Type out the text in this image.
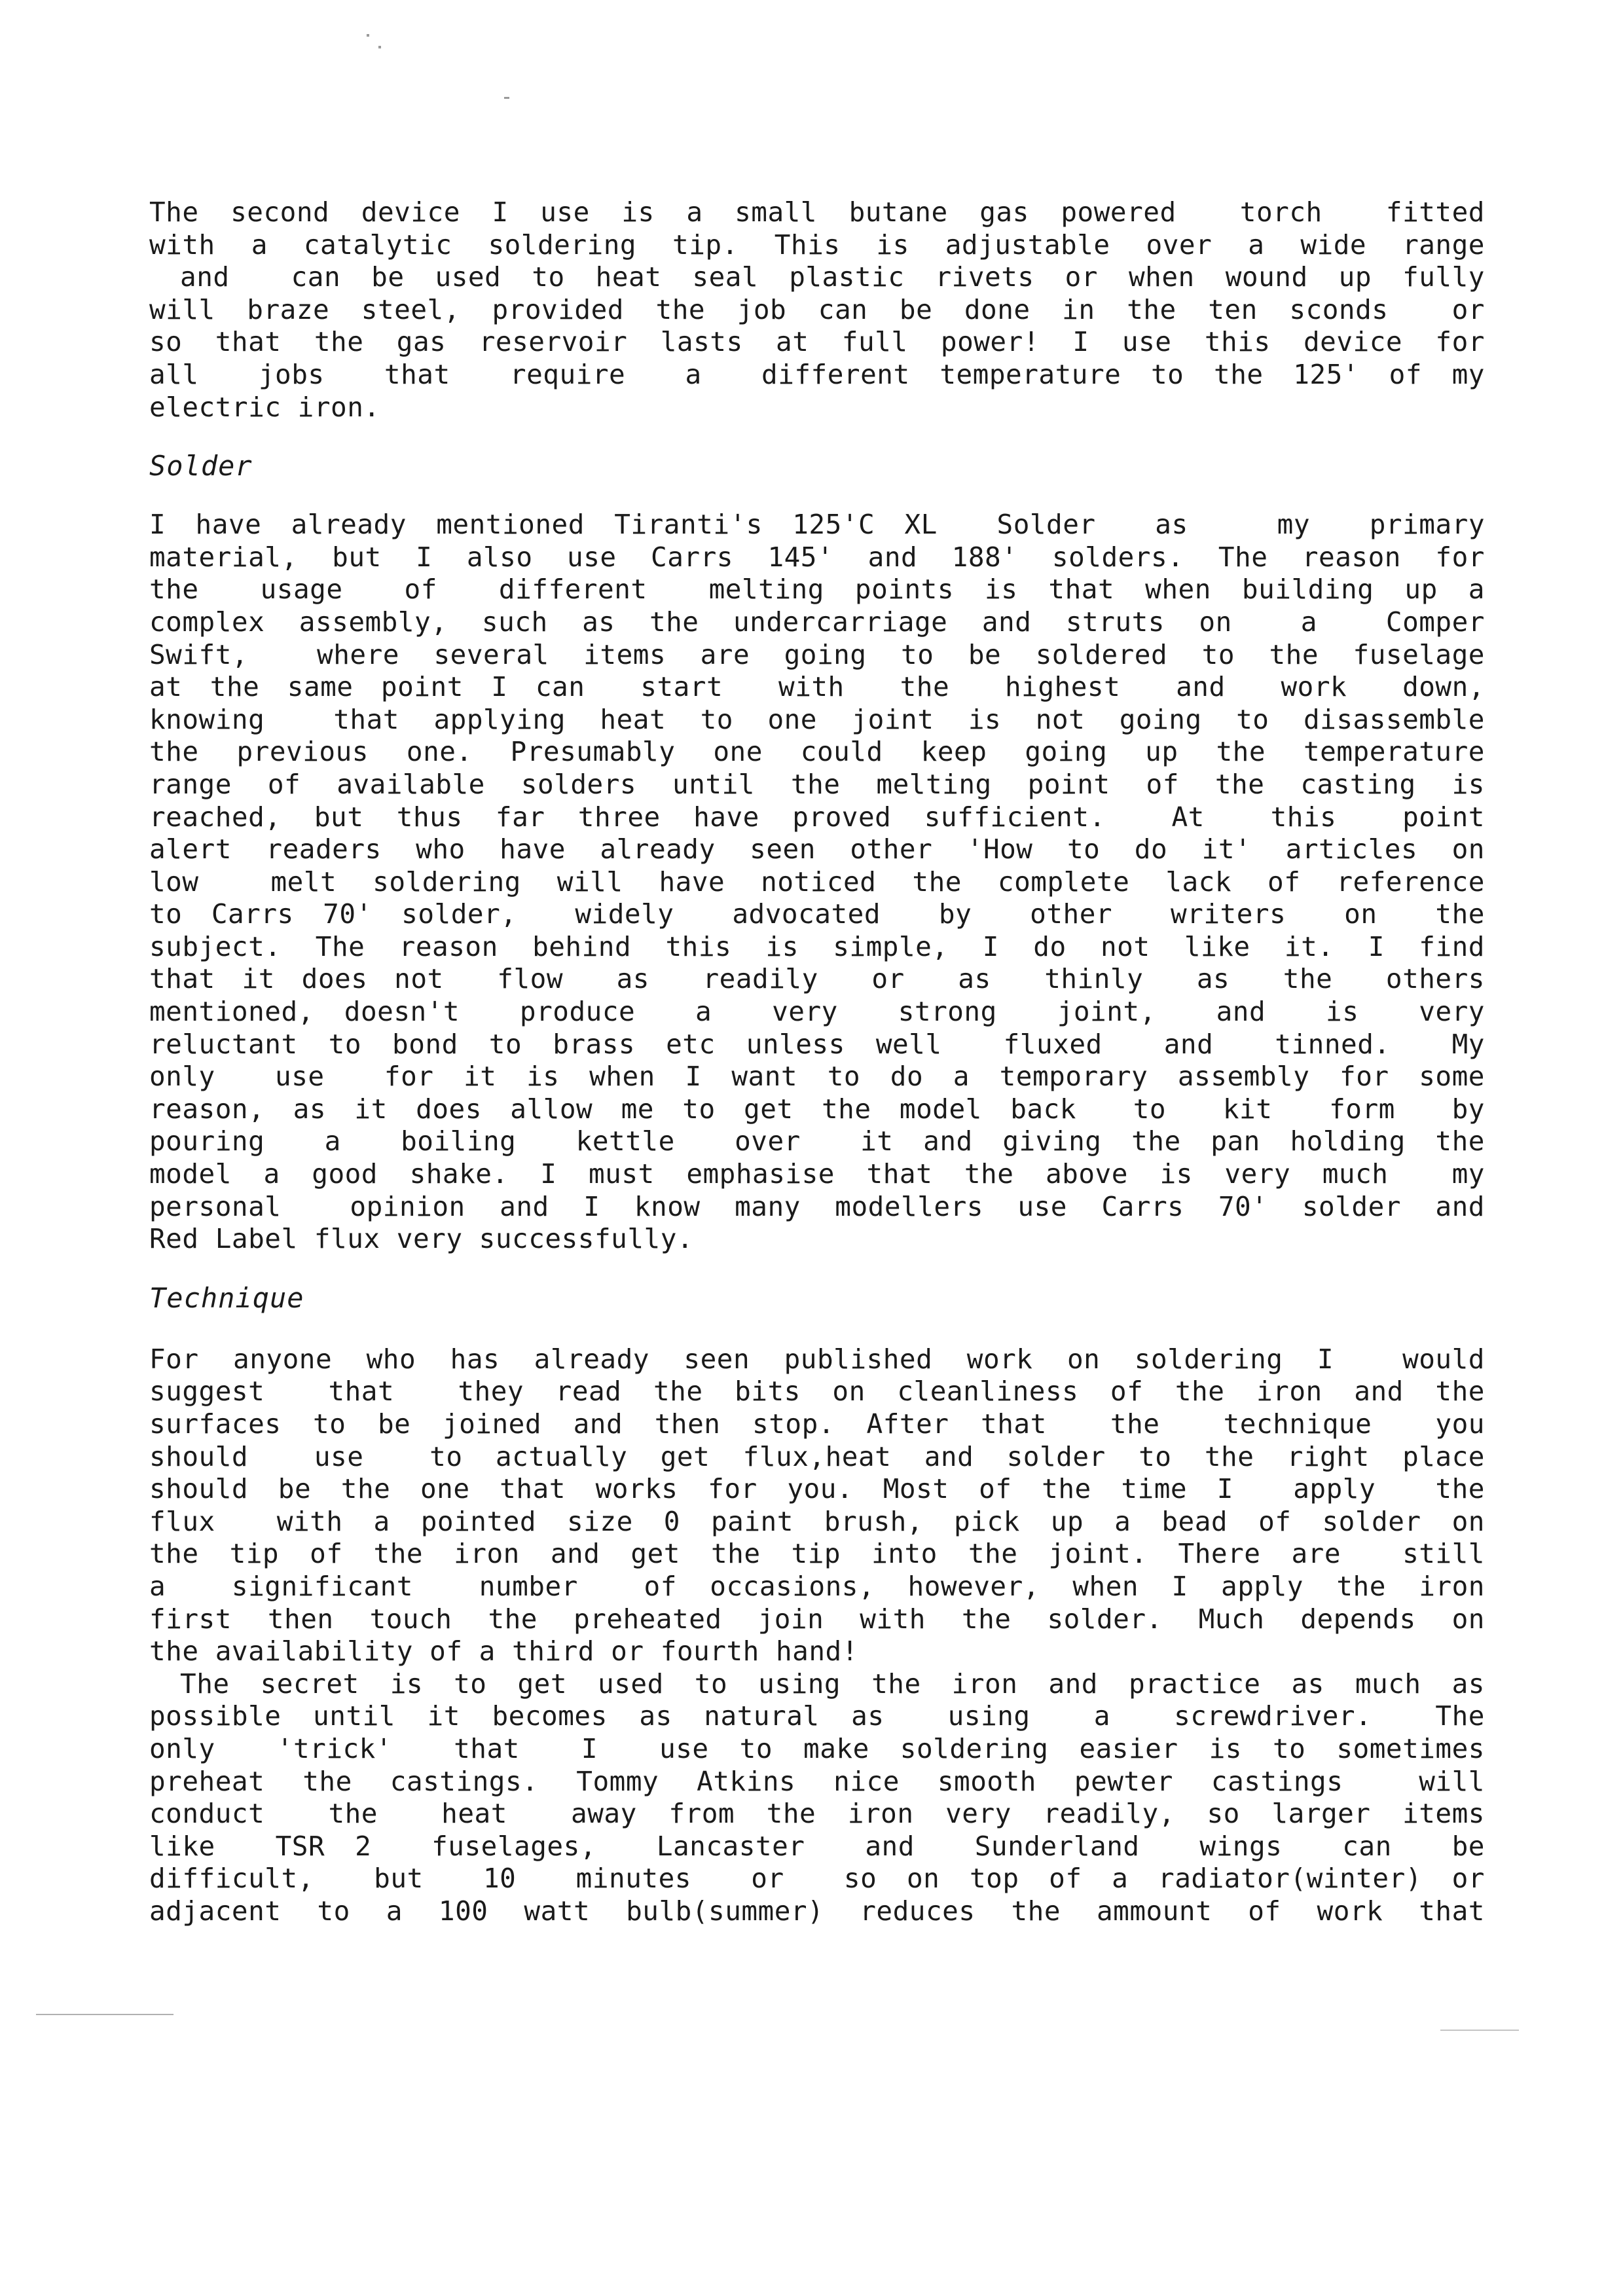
The second device I use is a small butane gas powered  torch  fitted
with a catalytic soldering tip. This is adjustable over a wide range
and  can be used to heat seal plastic rivets or when wound up fully
will braze steel, provided the job can be done in the ten sconds  or
so that the gas reservoir lasts at full power! I use this device for
all  jobs  that  require  a  different temperature to the 125' of my
electric iron.
Solder
I have already mentioned Tiranti's 125'C XL  Solder  as   my  primary
material, but I also use Carrs 145' and 188' solders. The reason for
the  usage  of  different  melting points is that when building up a
complex assembly, such as the undercarriage and struts on  a  Comper
Swift,  where several items are going to be soldered to the fuselage
at the same point I can  start  with  the  highest  and  work  down,
knowing  that applying heat to one joint is not going to disassemble
the previous one. Presumably one could keep going up the temperature
range of available solders until the melting point of the casting is
reached, but thus far three have proved sufficient.  At  this  point
alert readers who have already seen other 'How to do it' articles on
low  melt soldering will have noticed the complete lack of reference
to Carrs 70' solder,  widely  advocated  by  other  writers  on  the
subject. The reason behind this is simple, I do not like it. I find
that it does not  flow  as  readily  or  as  thinly  as  the  others
mentioned, doesn't  produce  a  very  strong  joint,  and  is  very
reluctant to bond to brass etc unless well  fluxed  and  tinned.  My
only  use  for it is when I want to do a temporary assembly for some
reason, as it does allow me to get the model back  to  kit  form  by
pouring  a  boiling  kettle  over  it and giving the pan holding the
model a good shake. I must emphasise that the above is very much  my
personal  opinion and I know many modellers use Carrs 70' solder and
Red Label flux very successfully.
Technique
For anyone who has already seen published work on soldering I  would
suggest  that  they read the bits on cleanliness of the iron and the
surfaces to be joined and then stop. After that  the  technique  you
should  use  to actually get flux,heat and solder to the right place
should be the one that works for you. Most of the time I  apply  the
flux  with a pointed size 0 paint brush, pick up a bead of solder on
the tip of the iron and get the tip into the joint. There are  still
a  significant  number  of occasions, however, when I apply the iron
first then touch the preheated join with the solder. Much depends on
the availability of a third or fourth hand!
The secret is to get used to using the iron and practice as much as
possible until it becomes as natural as  using  a  screwdriver.  The
only  'trick'  that  I  use to make soldering easier is to sometimes
preheat the castings. Tommy Atkins nice smooth pewter castings  will
conduct  the  heat  away from the iron very readily, so larger items
like  TSR 2  fuselages,  Lancaster  and  Sunderland  wings  can  be
difficult,  but  10  minutes  or  so on top of a radiator(winter) or
adjacent to a 100 watt bulb(summer) reduces the ammount of work that
